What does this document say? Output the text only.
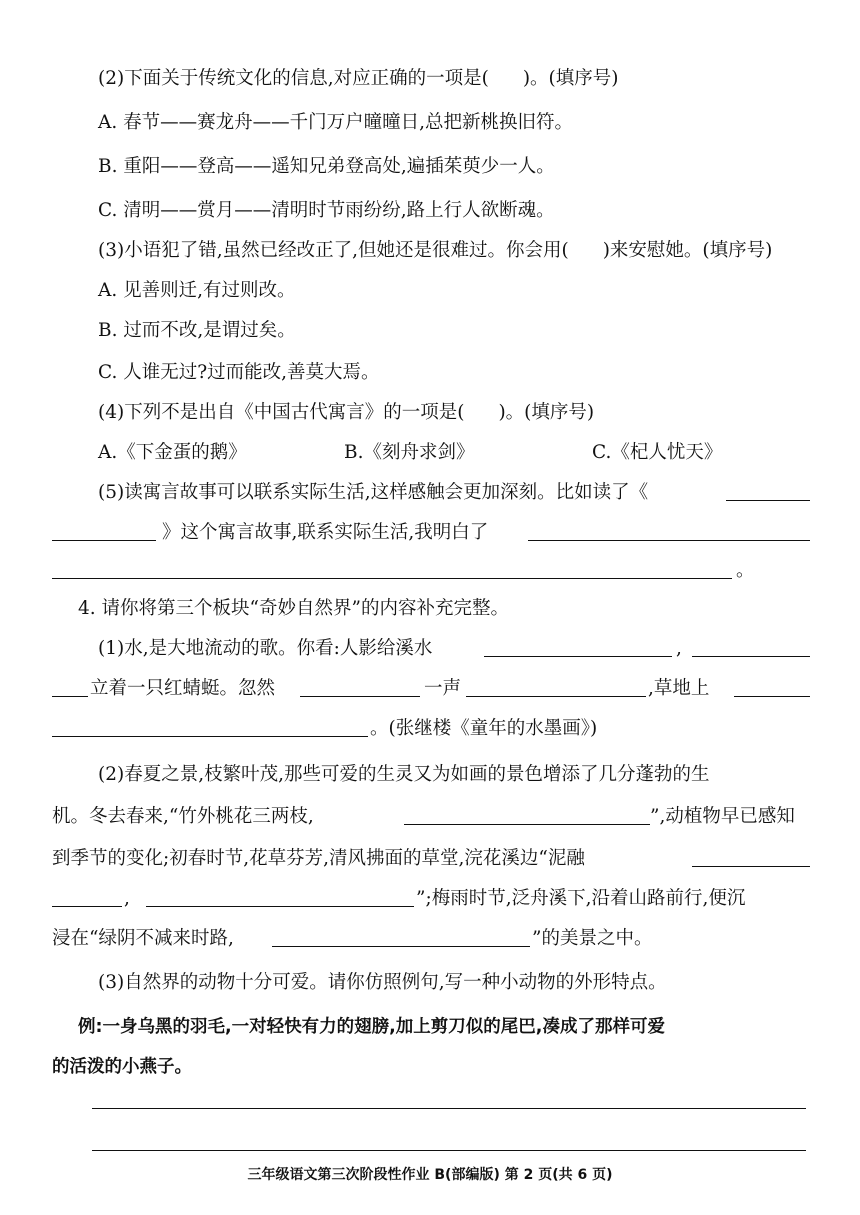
(2)下面关于传统文化的信息,对应正确的一项是( )。(填序号)
A. 春节——赛龙舟——千门万户曈曈日,总把新桃换旧符。
B. 重阳——登高——遥知兄弟登高处,遍插茱萸少一人。
C. 清明——赏月——清明时节雨纷纷,路上行人欲断魂。
(3)小语犯了错,虽然已经改正了,但她还是很难过。你会用( )来安慰她。(填序号)
A. 见善则迁,有过则改。
B. 过而不改,是谓过矣。
C. 人谁无过?过而能改,善莫大焉。
(4)下列不是出自《中国古代寓言》的一项是( )。(填序号)
A.《下金蛋的鹅》	B.《刻舟求剑》	C.《杞人忧天》
(5)读寓言故事可以联系实际生活,这样感触会更加深刻。比如读了《
》这个寓言故事,联系实际生活,我明白了
。
4. 请你将第三个板块“奇妙自然界”的内容补充完整。
(1)水,是大地流动的歌。你看:人影给溪水	,
立着一只红蜻蜓。忽然	一声	,草地上
。(张继楼《童年的水墨画》)
(2)春夏之景,枝繁叶茂,那些可爱的生灵又为如画的景色增添了几分蓬勃的生
机。冬去春来,“竹外桃花三两枝,	”,动植物早已感知
到季节的变化;初春时节,花草芬芳,清风拂面的草堂,浣花溪边“泥融
,	”;梅雨时节,泛舟溪下,沿着山路前行,便沉
浸在“绿阴不减来时路,	”的美景之中。
(3)自然界的动物十分可爱。请你仿照例句,写一种小动物的外形特点。
例:一身乌黑的羽毛,一对轻快有力的翅膀,加上剪刀似的尾巴,凑成了那样可爱
的活泼的小燕子。
三年级语文第三次阶段性作业 B(部编版) 第 2 页(共 6 页)
